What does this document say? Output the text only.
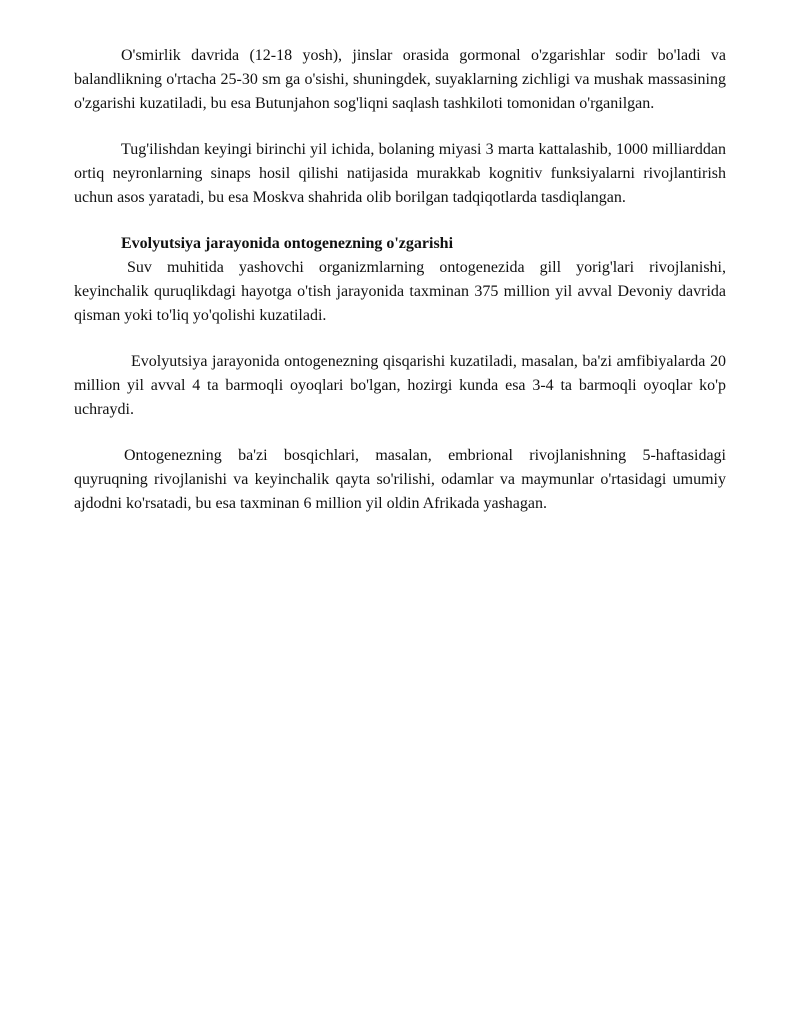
O'smirlik davrida (12-18 yosh), jinslar orasida gormonal o'zgarishlar sodir bo'ladi va balandlikning o'rtacha 25-30 sm ga o'sishi, shuningdek, suyaklarning zichligi va mushak massasining o'zgarishi kuzatiladi, bu esa Butunjahon sog'liqni saqlash tashkiloti tomonidan o'rganilgan.

Tug'ilishdan keyingi birinchi yil ichida, bolaning miyasi 3 marta kattalashib, 1000 milliarddan ortiq neyronlarning sinaps hosil qilishi natijasida murakkab kognitiv funksiyalarni rivojlantirish uchun asos yaratadi, bu esa Moskva shahrida olib borilgan tadqiqotlarda tasdiqlangan.

Evolyutsiya jarayonida ontogenezning o'zgarishi

Suv muhitida yashovchi organizmlarning ontogenezida gill yorig'lari rivojlanishi, keyinchalik quruqlikdagi hayotga o'tish jarayonida taxminan 375 million yil avval Devoniy davrida qisman yoki to'liq yo'qolishi kuzatiladi.

Evolyutsiya jarayonida ontogenezning qisqarishi kuzatiladi, masalan, ba'zi amfibiyalarda 20 million yil avval 4 ta barmoqli oyoqlari bo'lgan, hozirgi kunda esa 3-4 ta barmoqli oyoqlar ko'p uchraydi.

Ontogenezning ba'zi bosqichlari, masalan, embrional rivojlanishning 5-haftasidagi quyruqning rivojlanishi va keyinchalik qayta so'rilishi, odamlar va maymunlar o'rtasidagi umumiy ajdodni ko'rsatadi, bu esa taxminan 6 million yil oldin Afrikada yashagan.
